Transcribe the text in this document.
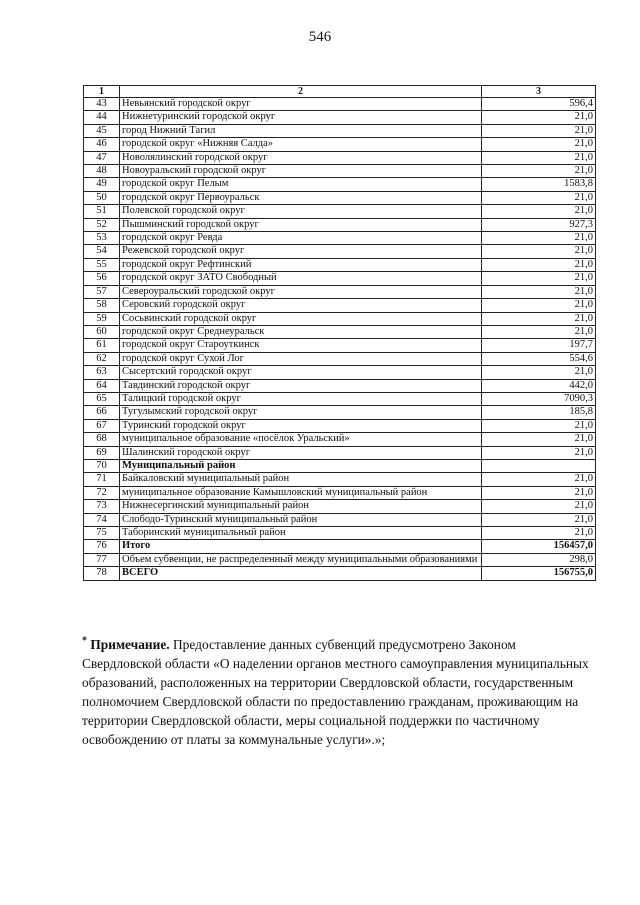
546
1	2	3
43	Невьянский городской округ	596,4
44	Нижнетуринский городской округ	21,0
45	город Нижний Тагил	21,0
46	городской округ «Нижняя Салда»	21,0
47	Новолялинский городской округ	21,0
48	Новоуральский городской округ	21,0
49	городской округ Пелым	1583,8
50	городской округ Первоуральск	21,0
51	Полевской городской округ	21,0
52	Пышминский городской округ	927,3
53	городской округ Ревда	21,0
54	Режевской городской округ	21,0
55	городской округ Рефтинский	21,0
56	городской округ ЗАТО Свободный	21,0
57	Североуральский городской округ	21,0
58	Серовский городской округ	21,0
59	Сосьвинский городской округ	21,0
60	городской округ Среднеуральск	21,0
61	городской округ Староуткинск	197,7
62	городской округ Сухой Лог	554,6
63	Сысертский городской округ	21,0
64	Тавдинский городской округ	442,0
65	Талицкий городской округ	7090,3
66	Тугулымский городской округ	185,8
67	Туринский городской округ	21,0
68	муниципальное образование «посёлок Уральский»	21,0
69	Шалинский городской округ	21,0
70	Муниципальный район	
71	Байкаловский муниципальный район	21,0
72	муниципальное образование Камышловский муниципальный район	21,0
73	Нижнесергинский муниципальный район	21,0
74	Слободо-Туринский муниципальный район	21,0
75	Таборинский муниципальный район	21,0
76	Итого	156457,0
77	Объем субвенции, не распределенный между муниципальными образованиями	298,0
78	ВСЕГО	156755,0
* Примечание. Предоставление данных субвенций предусмотрено Законом Свердловской области «О наделении органов местного самоуправления муниципальных образований, расположенных на территории Свердловской области, государственным полномочием Свердловской области по предоставлению гражданам, проживающим на территории Свердловской области, меры социальной поддержки по частичному освобождению от платы за коммунальные услуги».»;
